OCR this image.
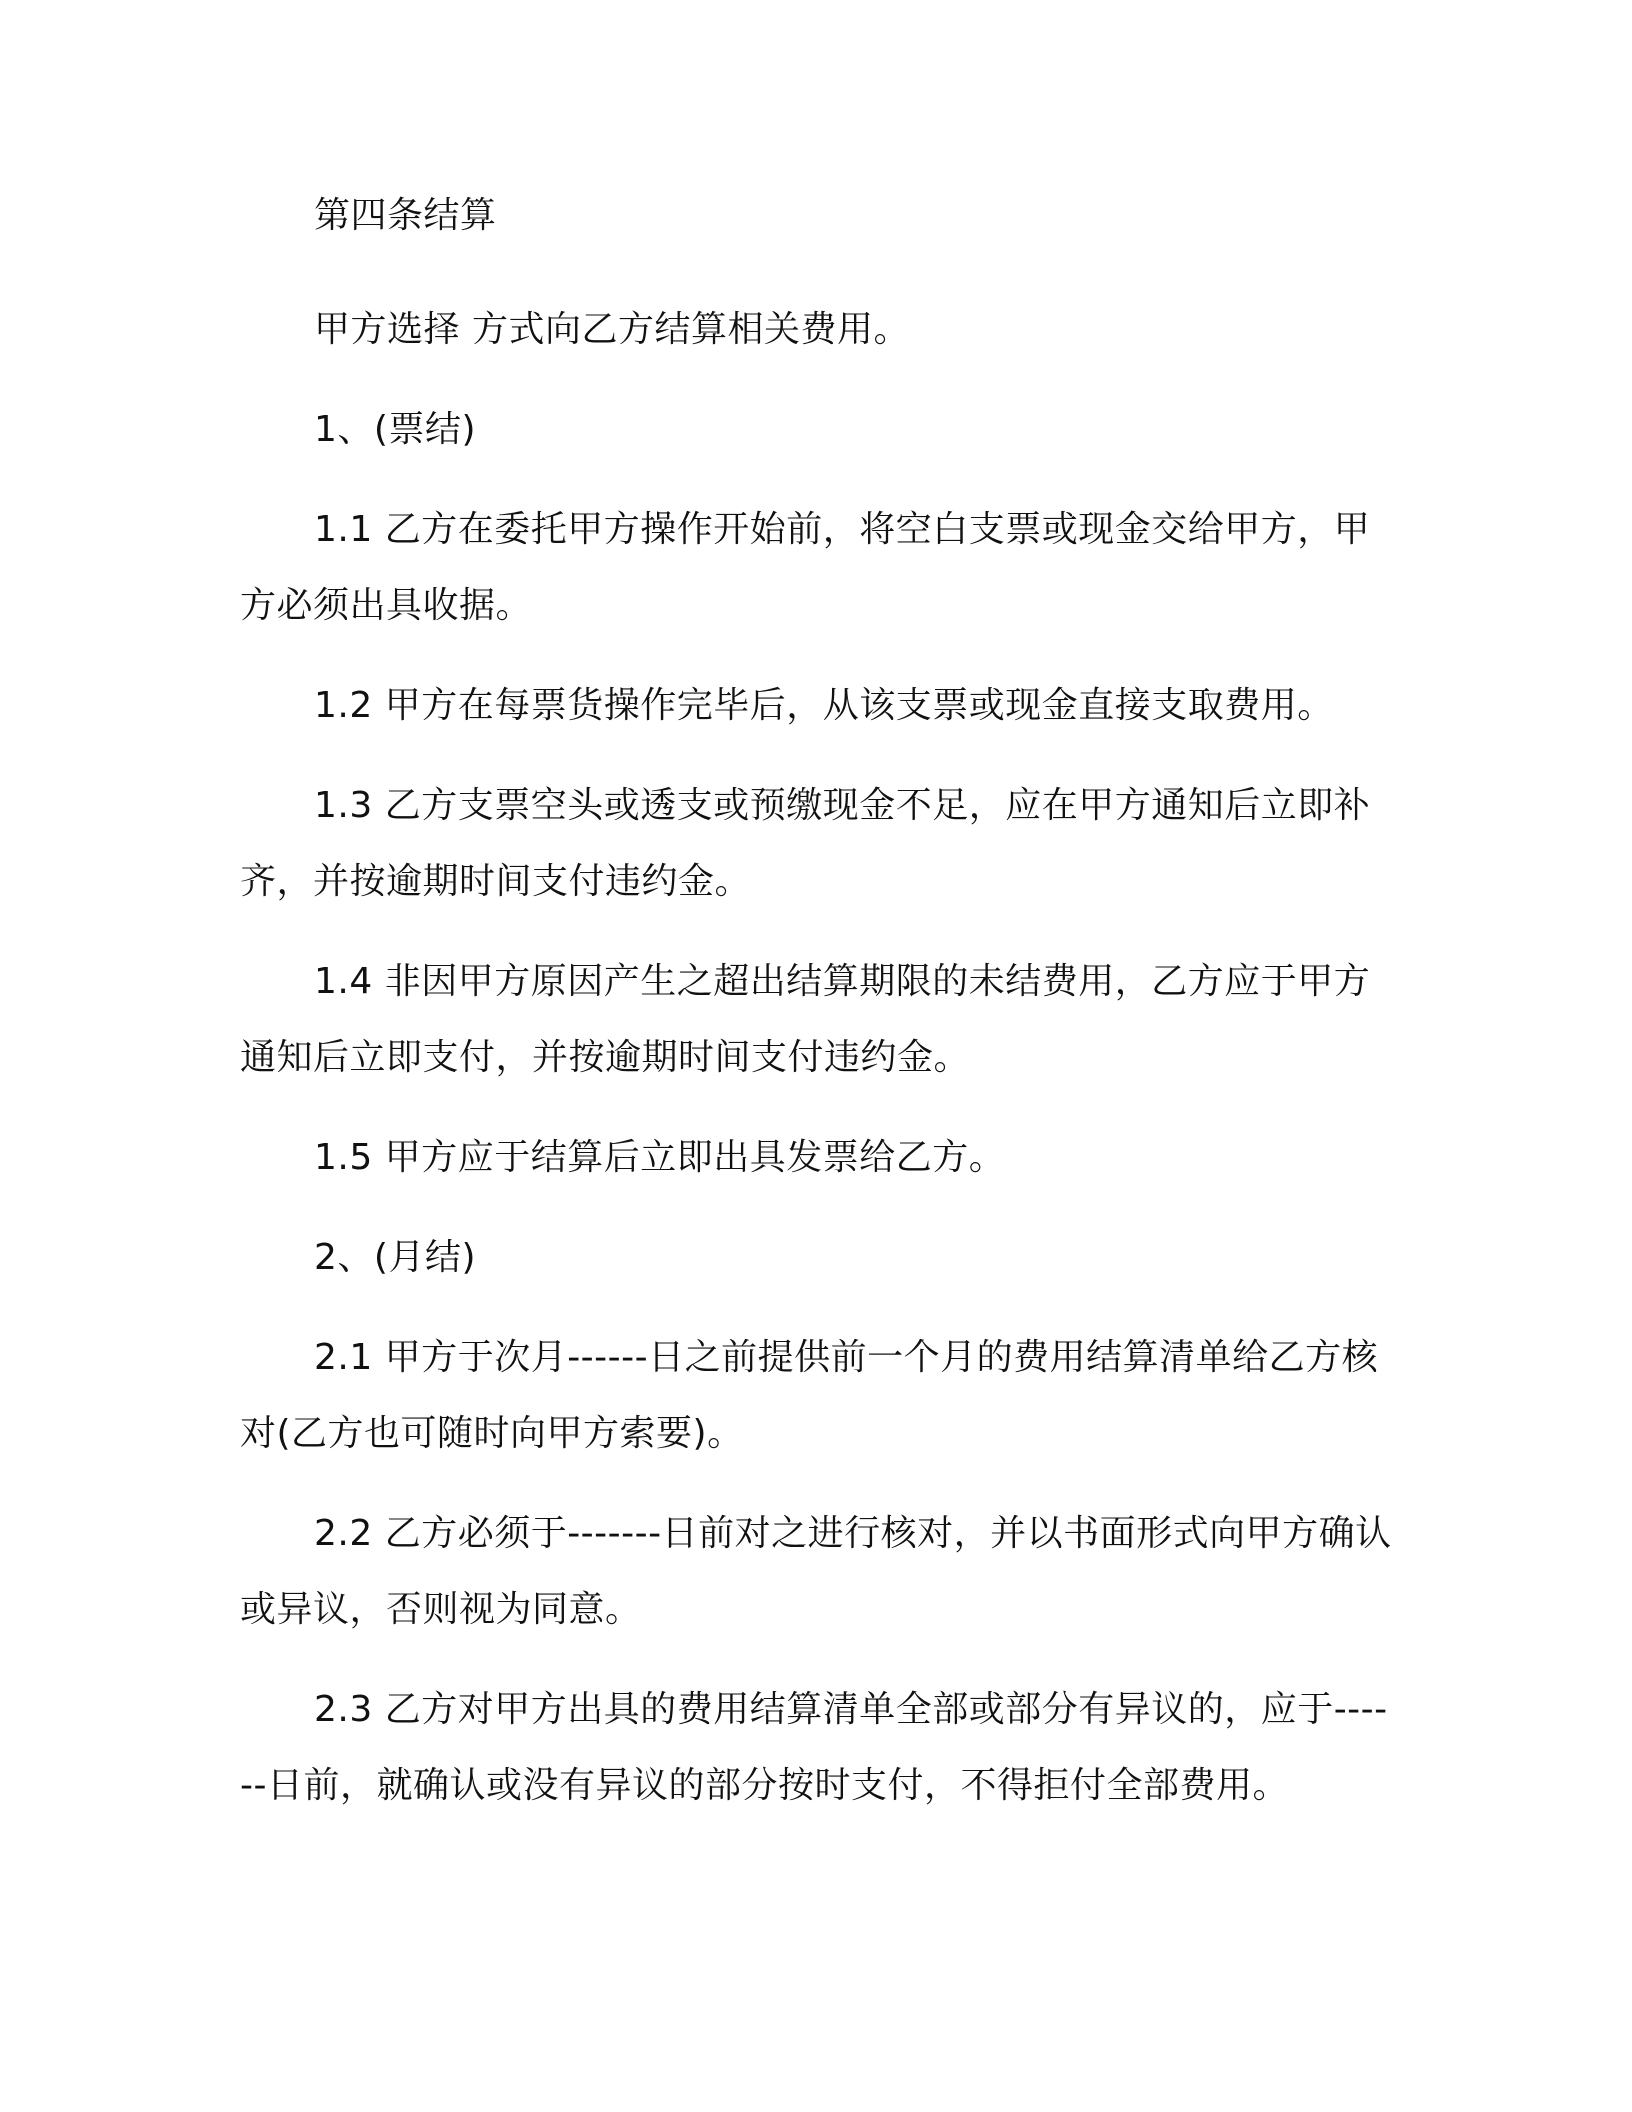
第四条结算
甲方选择 方式向乙方结算相关费用。
1、(票结)
1.1 乙方在委托甲方操作开始前，将空白支票或现金交给甲方，甲方必须出具收据。
1.2 甲方在每票货操作完毕后，从该支票或现金直接支取费用。
1.3 乙方支票空头或透支或预缴现金不足，应在甲方通知后立即补齐，并按逾期时间支付违约金。
1.4 非因甲方原因产生之超出结算期限的未结费用，乙方应于甲方通知后立即支付，并按逾期时间支付违约金。
1.5 甲方应于结算后立即出具发票给乙方。
2、(月结)
2.1 甲方于次月------日之前提供前一个月的费用结算清单给乙方核对(乙方也可随时向甲方索要)。
2.2 乙方必须于-------日前对之进行核对，并以书面形式向甲方确认或异议，否则视为同意。
2.3 乙方对甲方出具的费用结算清单全部或部分有异议的，应于------日前，就确认或没有异议的部分按时支付，不得拒付全部费用。
